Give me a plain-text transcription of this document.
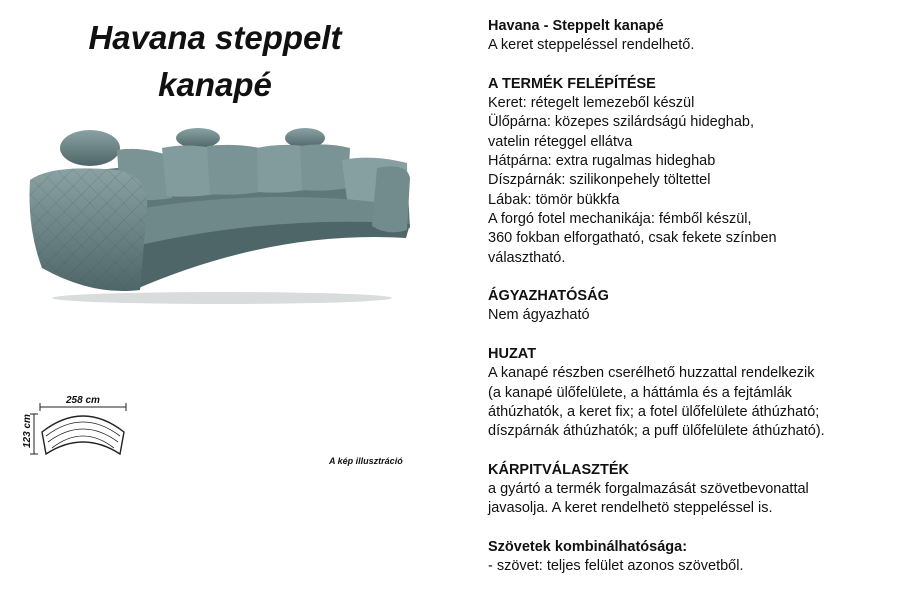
Havana steppelt
kanapé
258 cm
123 cm
A kép illusztráció
Havana - Steppelt kanapé

A keret steppeléssel rendelhető.

A TERMÉK FELÉPÍTÉSE

Keret: rétegelt lemezeből készül

Ülőpárna: közepes szilárdságú hideghab,

vatelin réteggel ellátva

Hátpárna: extra rugalmas hideghab

Díszpárnák: szilikonpehely töltettel

Lábak: tömör bükkfa

A forgó fotel mechanikája: fémből készül,

360 fokban elforgatható, csak fekete színben

választható.

ÁGYAZHATÓSÁG

Nem ágyazható

HUZAT

A kanapé részben cserélhető huzzattal rendelkezik

(a kanapé ülőfelülete, a háttámla és a fejtámlák

áthúzhatók, a keret fix; a fotel ülőfelülete áthúzható;

díszpárnák áthúzhatók; a puff ülőfelülete áthúzható).

KÁRPITVÁLASZTÉK

a gyártó a termék forgalmazását szövetbevonattal

javasolja. A keret rendelhetö steppeléssel is.

Szövetek kombinálhatósága:

- szövet: teljes felület azonos szövetből.
